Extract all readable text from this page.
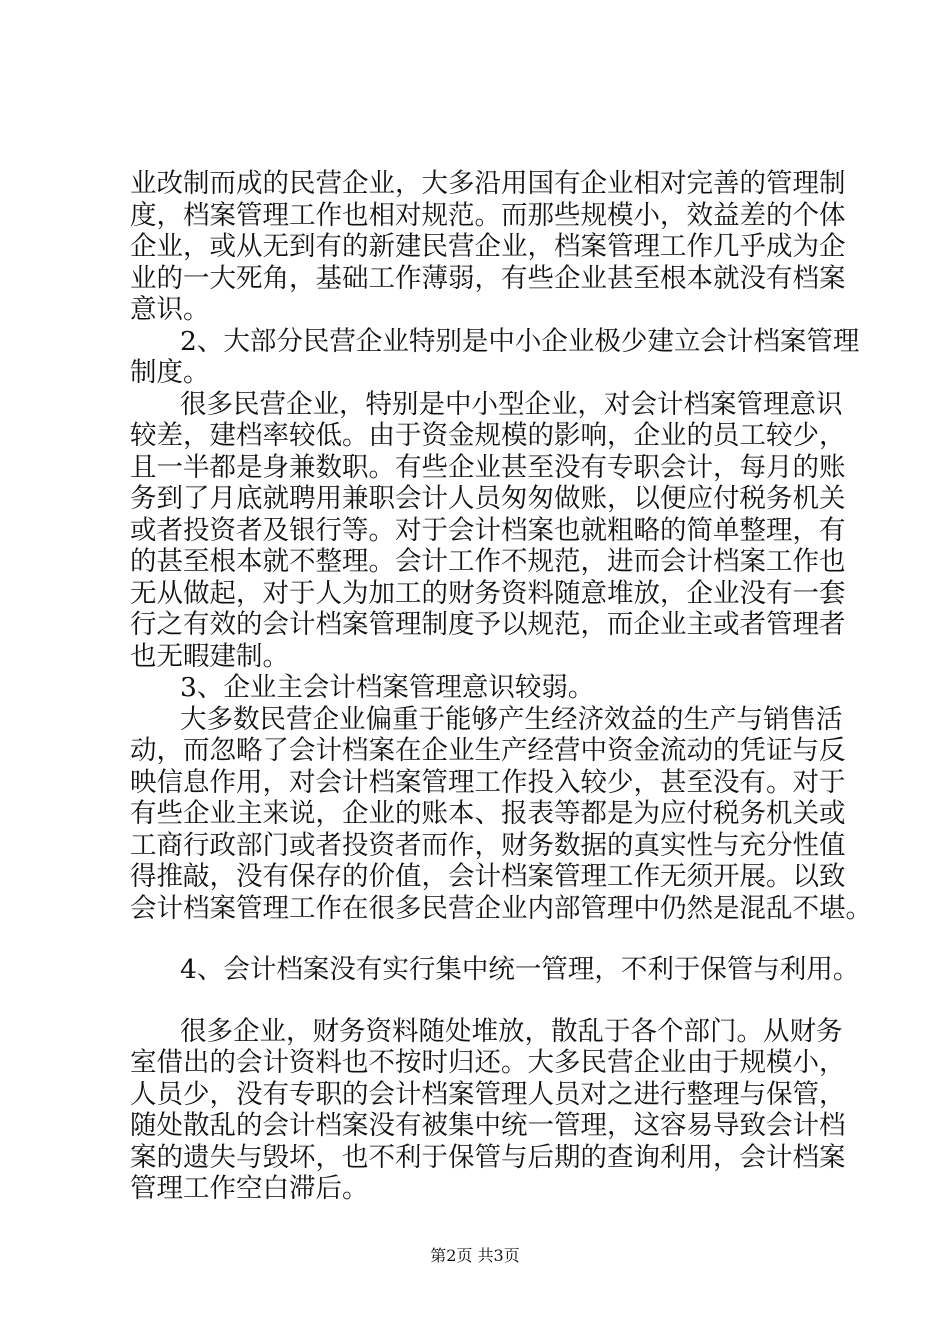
业改制而成的民营企业，大多沿用国有企业相对完善的管理制

度，档案管理工作也相对规范。而那些规模小，效益差的个体

企业，或从无到有的新建民营企业，档案管理工作几乎成为企

业的一大死角，基础工作薄弱，有些企业甚至根本就没有档案

意识。

2、大部分民营企业特别是中小企业极少建立会计档案管理

制度。

很多民营企业，特别是中小型企业，对会计档案管理意识

较差，建档率较低。由于资金规模的影响，企业的员工较少，

且一半都是身兼数职。有些企业甚至没有专职会计，每月的账

务到了月底就聘用兼职会计人员匆匆做账，以便应付税务机关

或者投资者及银行等。对于会计档案也就粗略的简单整理，有

的甚至根本就不整理。会计工作不规范，进而会计档案工作也

无从做起，对于人为加工的财务资料随意堆放，企业没有一套

行之有效的会计档案管理制度予以规范，而企业主或者管理者

也无暇建制。

3、企业主会计档案管理意识较弱。

大多数民营企业偏重于能够产生经济效益的生产与销售活

动，而忽略了会计档案在企业生产经营中资金流动的凭证与反

映信息作用，对会计档案管理工作投入较少，甚至没有。对于

有些企业主来说，企业的账本、报表等都是为应付税务机关或

工商行政部门或者投资者而作，财务数据的真实性与充分性值

得推敲，没有保存的价值，会计档案管理工作无须开展。以致

会计档案管理工作在很多民营企业内部管理中仍然是混乱不堪。

4、会计档案没有实行集中统一管理，不利于保管与利用。

很多企业，财务资料随处堆放，散乱于各个部门。从财务

室借出的会计资料也不按时归还。大多民营企业由于规模小，

人员少，没有专职的会计档案管理人员对之进行整理与保管，

随处散乱的会计档案没有被集中统一管理，这容易导致会计档

案的遗失与毁坏，也不利于保管与后期的查询利用，会计档案

管理工作空白滞后。

第2页 共3页
